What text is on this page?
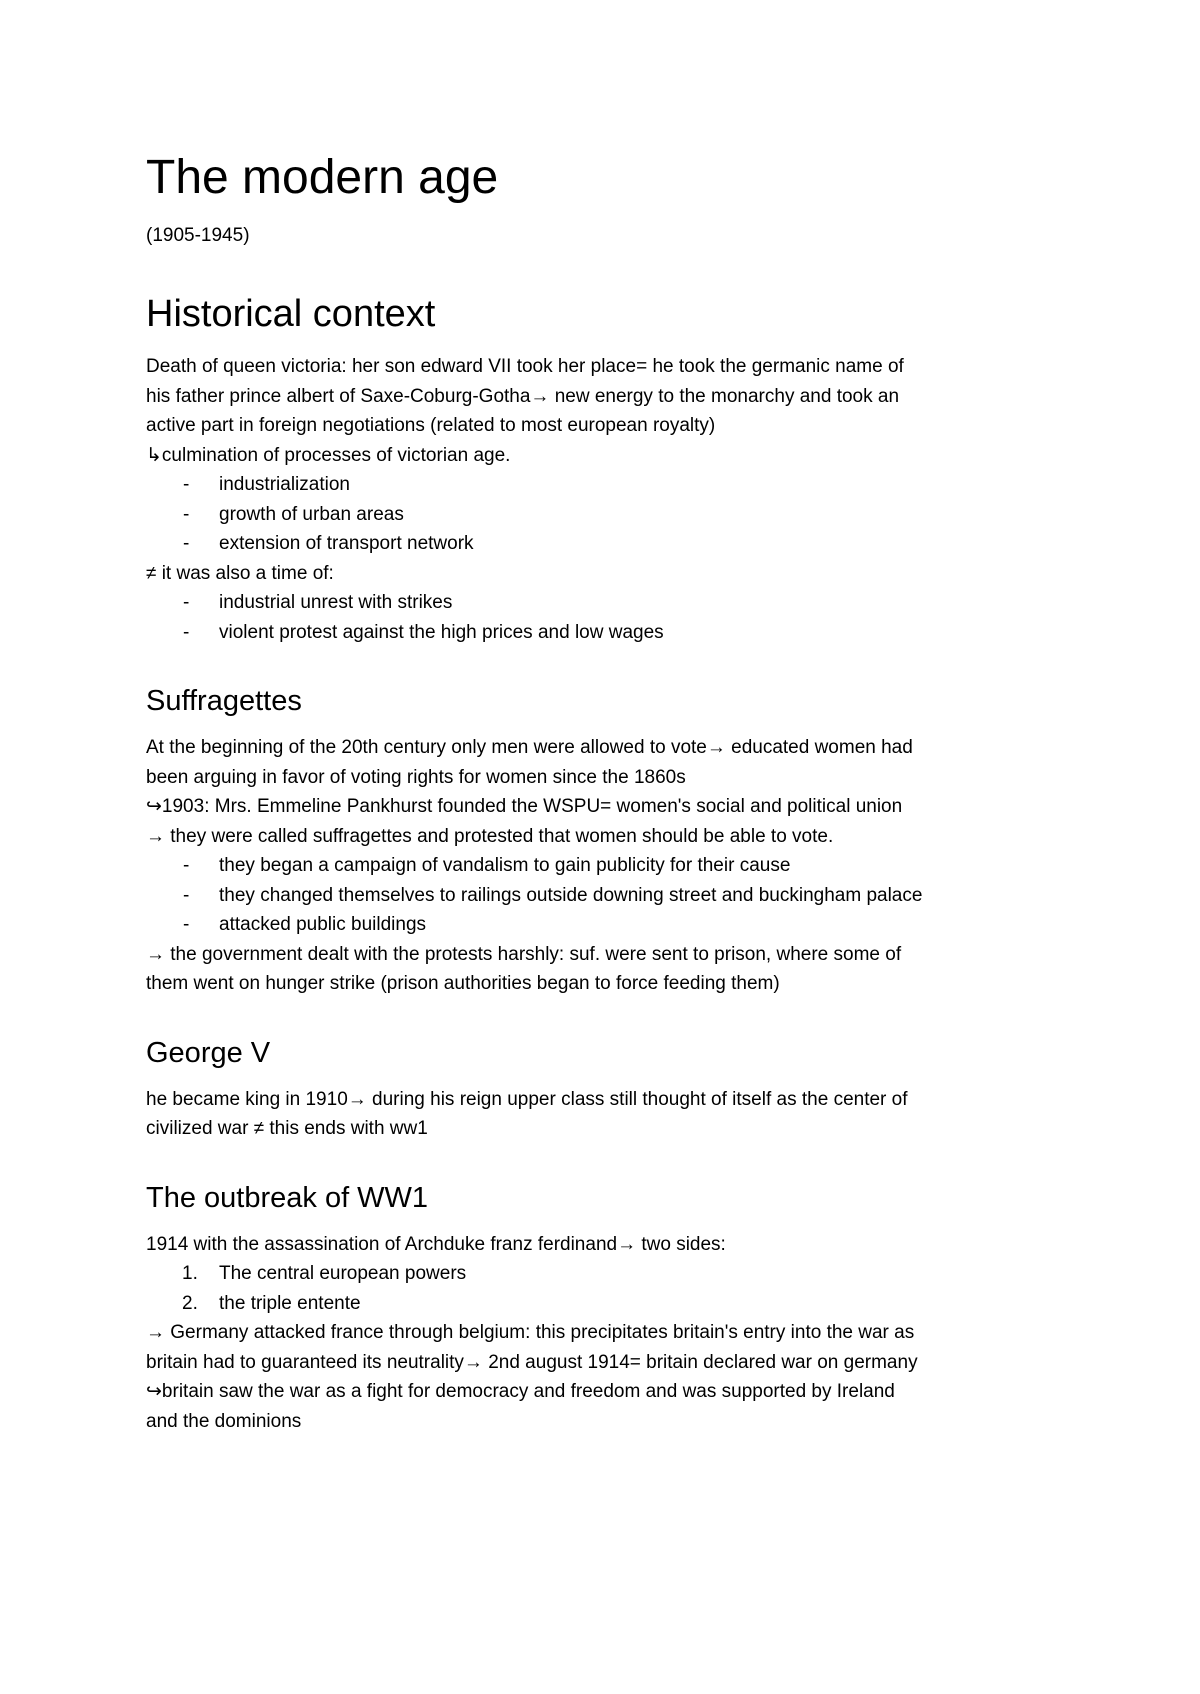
The modern age

(1905-1945)

Historical context
Death of queen victoria: her son edward VII took her place= he took the germanic name of
his father prince albert of Saxe-Coburg-Gotha→ new energy to the monarchy and took an
active part in foreign negotiations (related to most european royalty)
↳culmination of processes of victorian age.
- industrialization
- growth of urban areas
- extension of transport network
≠ it was also a time of:
- industrial unrest with strikes
- violent protest against the high prices and low wages
Suffragettes
At the beginning of the 20th century only men were allowed to vote→ educated women had
been arguing in favor of voting rights for women since the 1860s
↪1903: Mrs. Emmeline Pankhurst founded the WSPU= women's social and political union
→ they were called suffragettes and protested that women should be able to vote.
- they began a campaign of vandalism to gain publicity for their cause
- they changed themselves to railings outside downing street and buckingham palace
- attacked public buildings
→ the government dealt with the protests harshly: suf. were sent to prison, where some of
them went on hunger strike (prison authorities began to force feeding them)
George V
he became king in 1910→ during his reign upper class still thought of itself as the center of
civilized war ≠ this ends with ww1
The outbreak of WW1
1914 with the assassination of Archduke franz ferdinand→ two sides:
1. The central european powers
2. the triple entente
→ Germany attacked france through belgium: this precipitates britain's entry into the war as
britain had to guaranteed its neutrality→ 2nd august 1914= britain declared war on germany
↪britain saw the war as a fight for democracy and freedom and was supported by Ireland
and the dominions
